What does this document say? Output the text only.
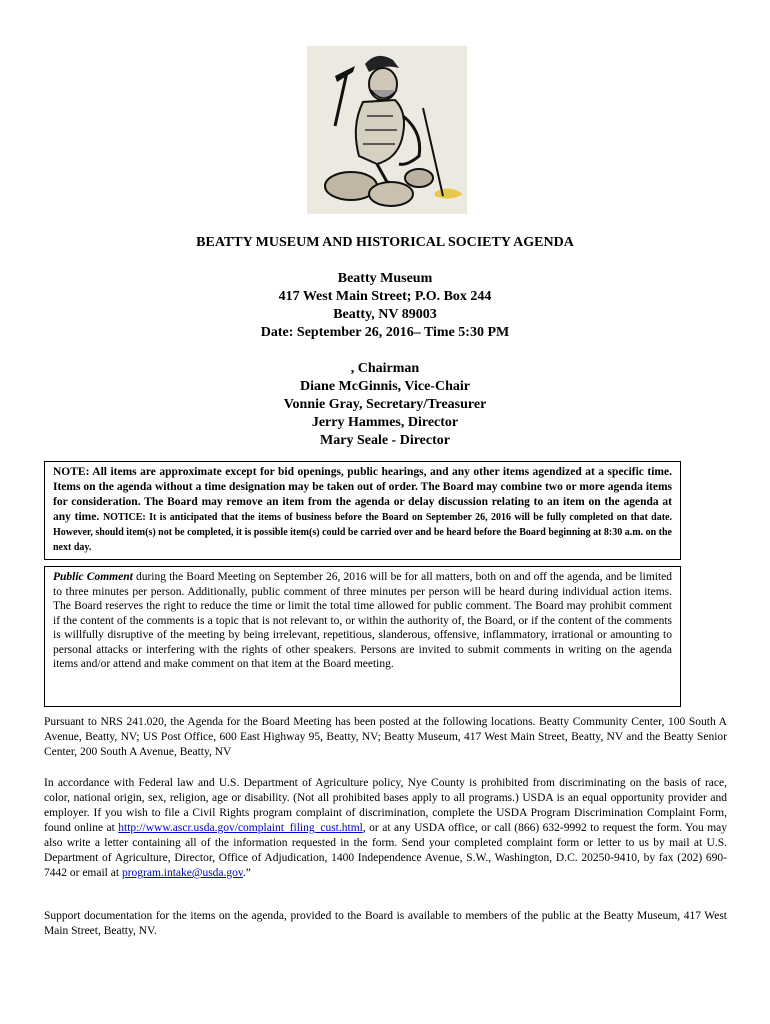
BEATTY MUSEUM AND HISTORICAL SOCIETY AGENDA
Beatty Museum
417 West Main Street; P.O. Box 244
Beatty, NV 89003
Date: September 26, 2016– Time 5:30 PM
, Chairman
Diane McGinnis, Vice-Chair
Vonnie Gray, Secretary/Treasurer
Jerry Hammes, Director
Mary Seale - Director
NOTE: All items are approximate except for bid openings, public hearings, and any other items agendized at a specific time. Items on the agenda without a time designation may be taken out of order. The Board may combine two or more agenda items for consideration. The Board may remove an item from the agenda or delay discussion relating to an item on the agenda at any time. NOTICE: It is anticipated that the items of business before the Board on September 26, 2016 will be fully completed on that date. However, should item(s) not be completed, it is possible item(s) could be carried over and be heard before the Board beginning at 8:30 a.m. on the next day.
Public Comment during the Board Meeting on September 26, 2016 will be for all matters, both on and off the agenda, and be limited to three minutes per person. Additionally, public comment of three minutes per person will be heard during individual action items. The Board reserves the right to reduce the time or limit the total time allowed for public comment. The Board may prohibit comment if the content of the comments is a topic that is not relevant to, or within the authority of, the Board, or if the content of the comments is willfully disruptive of the meeting by being irrelevant, repetitious, slanderous, offensive, inflammatory, irrational or amounting to personal attacks or interfering with the rights of other speakers. Persons are invited to submit comments in writing on the agenda items and/or attend and make comment on that item at the Board meeting.
Pursuant to NRS 241.020, the Agenda for the Board Meeting has been posted at the following locations. Beatty Community Center, 100 South A Avenue, Beatty, NV; US Post Office, 600 East Highway 95, Beatty, NV; Beatty Museum, 417 West Main Street, Beatty, NV and the Beatty Senior Center, 200 South A Avenue, Beatty, NV
In accordance with Federal law and U.S. Department of Agriculture policy, Nye County is prohibited from discriminating on the basis of race, color, national origin, sex, religion, age or disability. (Not all prohibited bases apply to all programs.) USDA is an equal opportunity provider and employer. If you wish to file a Civil Rights program complaint of discrimination, complete the USDA Program Discrimination Complaint Form, found online at http://www.ascr.usda.gov/complaint_filing_cust.html, or at any USDA office, or call (866) 632-9992 to request the form. You may also write a letter containing all of the information requested in the form. Send your completed complaint form or letter to us by mail at U.S. Department of Agriculture, Director, Office of Adjudication, 1400 Independence Avenue, S.W., Washington, D.C. 20250-9410, by fax (202) 690-7442 or email at program.intake@usda.gov.”
Support documentation for the items on the agenda, provided to the Board is available to members of the public at the Beatty Museum, 417 West Main Street, Beatty, NV.
